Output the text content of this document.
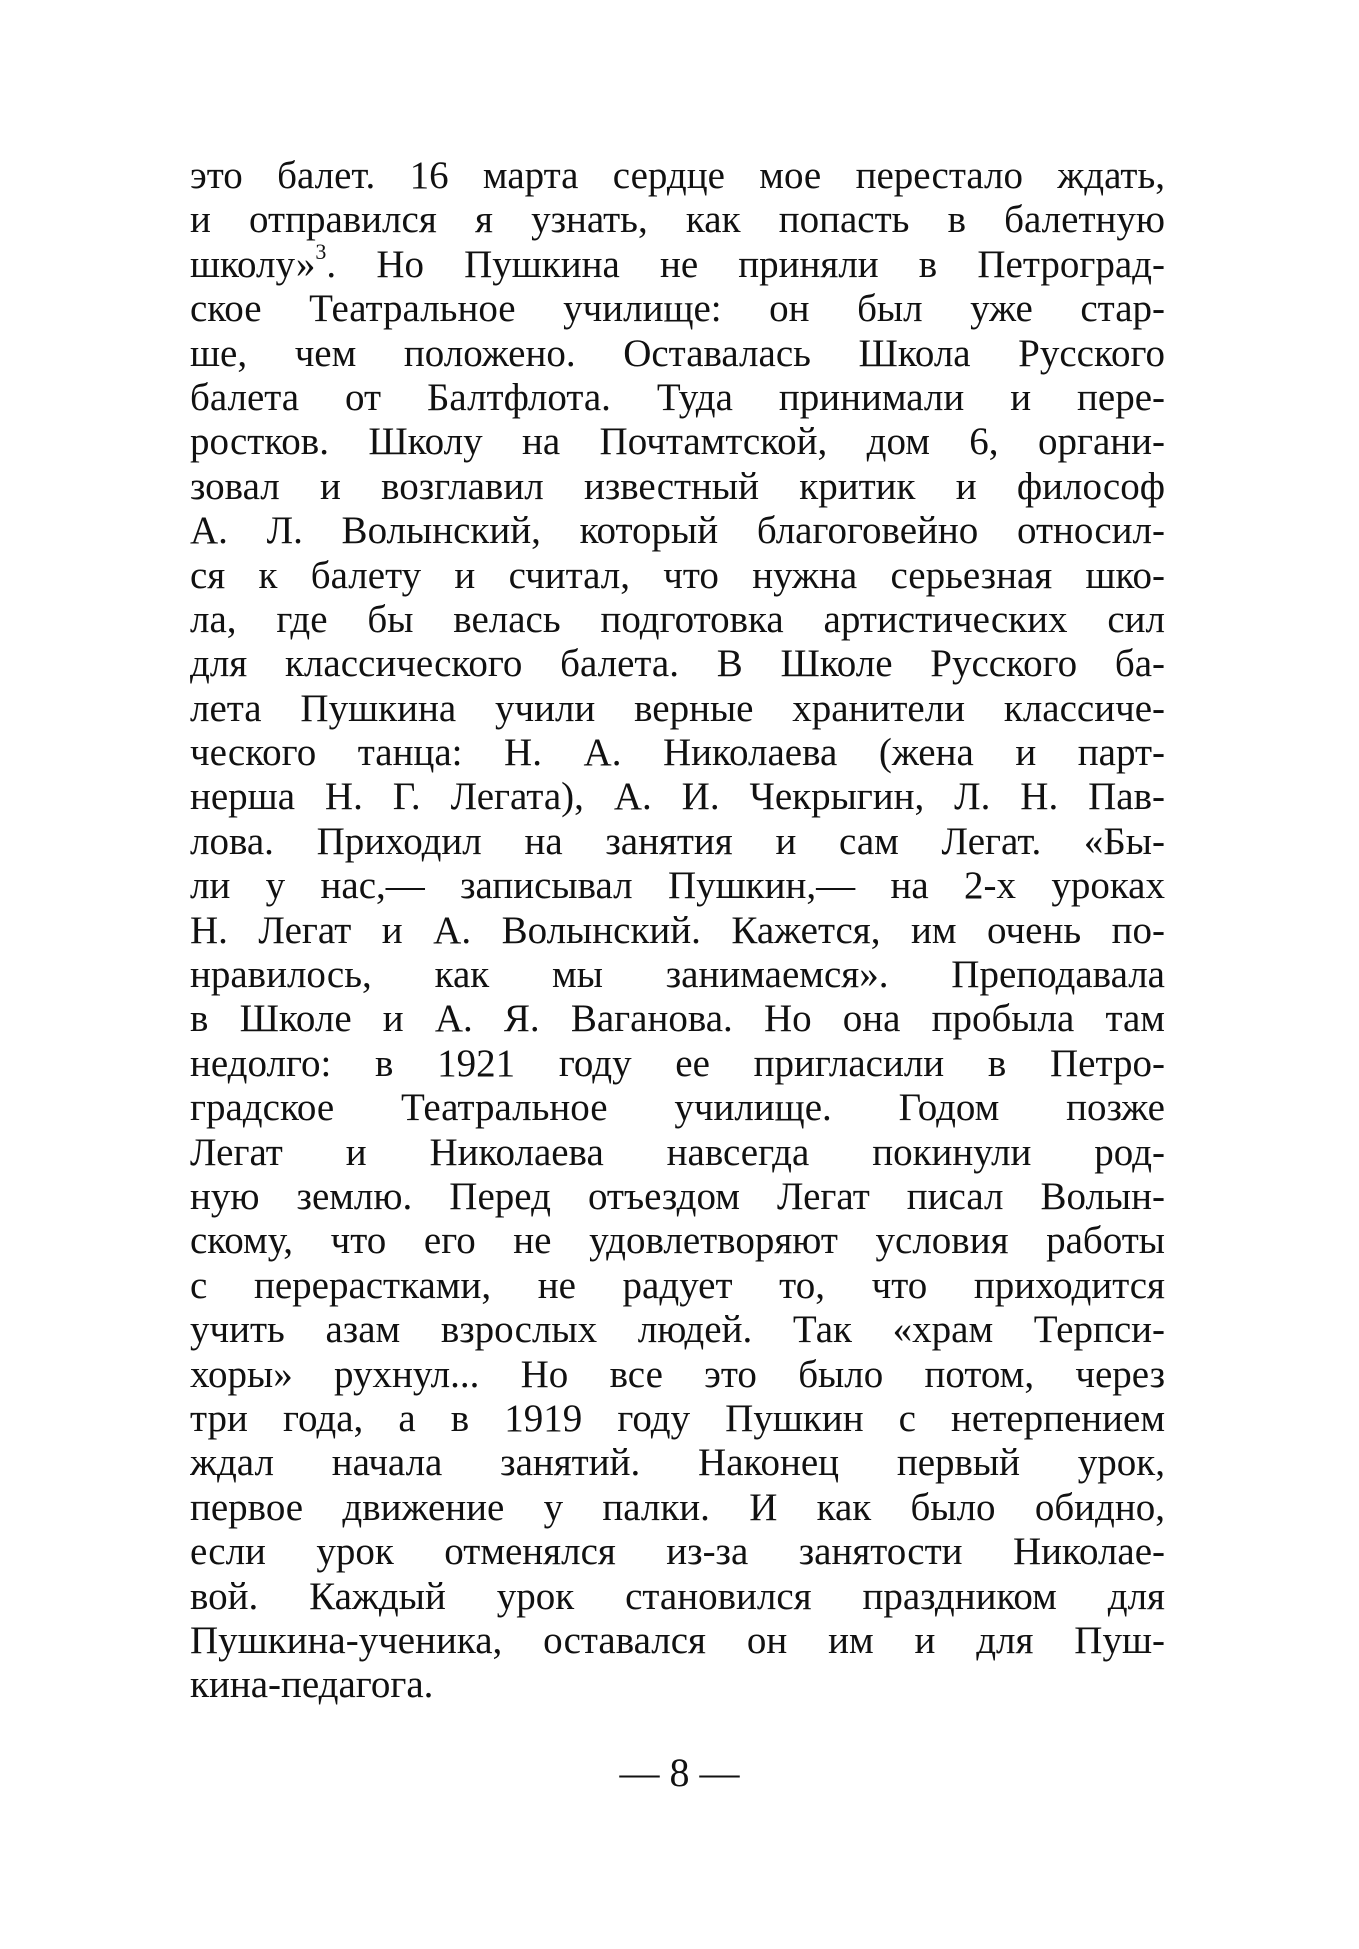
это балет. 16 марта сердце мое перестало ждать,
и отправился я узнать, как попасть в балетную
школу»$^3$. Но Пушкина не приняли в Петроград-
ское Театральное училище: он был уже стар-
ше, чем положено. Оставалась Школа Русского
балета от Балтфлота. Туда принимали и пере-
ростков. Школу на Почтамтской, дом 6, органи-
зовал и возглавил известный критик и философ
А. Л. Волынский, который благоговейно относил-
ся к балету и считал, что нужна серьезная шко-
ла, где бы велась подготовка артистических сил
для классического балета. В Школе Русского ба-
лета Пушкина учили верные хранители классиче-
ческого танца: Н. А. Николаева (жена и парт-
нерша Н. Г. Легата), А. И. Чекрыгин, Л. Н. Пав-
лова. Приходил на занятия и сам Легат. «Бы-
ли у нас,— записывал Пушкин,— на 2-х уроках
Н. Легат и А. Волынский. Кажется, им очень по-
нравилось, как мы занимаемся». Преподавала
в Школе и А. Я. Ваганова. Но она пробыла там
недолго: в 1921 году ее пригласили в Петро-
градское Театральное училище. Годом позже
Легат и Николаева навсегда покинули род-
ную землю. Перед отъездом Легат писал Волын-
скому, что его не удовлетворяют условия работы
с перерастками, не радует то, что приходится
учить азам взрослых людей. Так «храм Терпси-
хоры» рухнул... Но все это было потом, через
три года, а в 1919 году Пушкин с нетерпением
ждал начала занятий. Наконец первый урок,
первое движение у палки. И как было обидно,
если урок отменялся из-за занятости Николае-
вой. Каждый урок становился праздником для
Пушкина-ученика, оставался он им и для Пуш-
кина-педагога.
— 8 —
